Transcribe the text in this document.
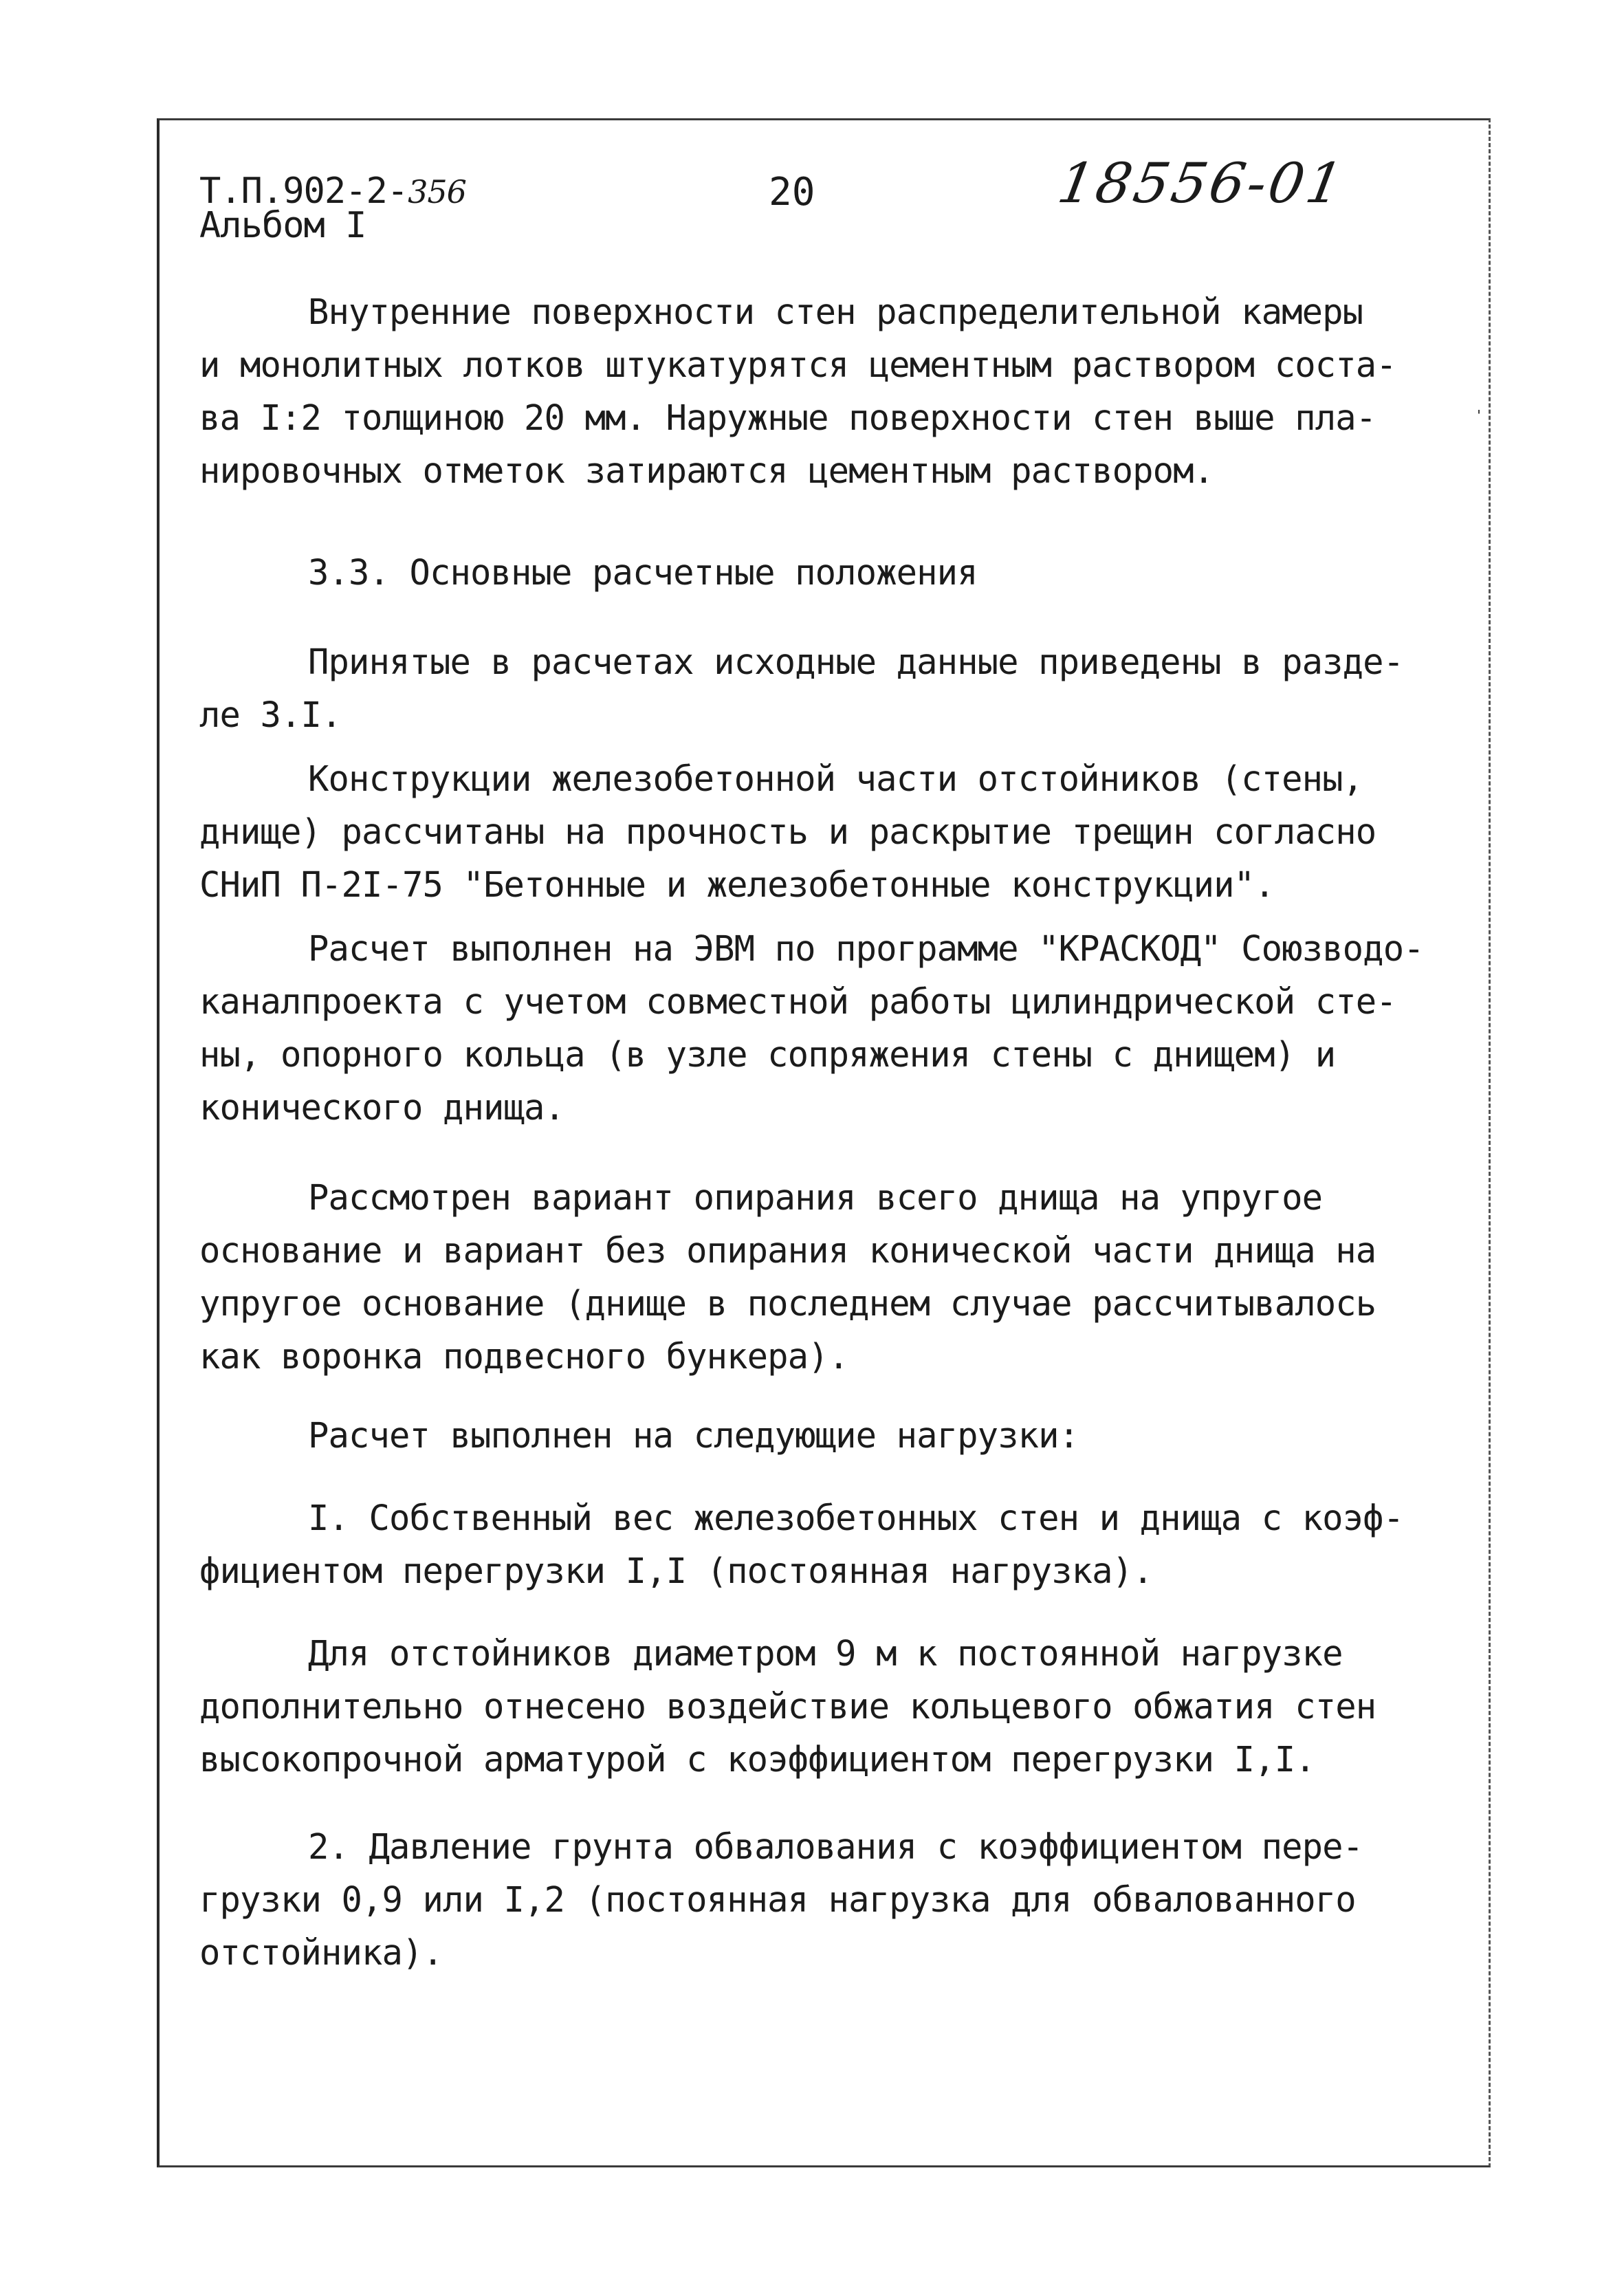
Т.П.902-2-356
Альбом I
20	18556-01
'
Внутренние поверхности стен распределительной камеры
и монолитных лотков штукатурятся цементным раствором соста-
ва I:2 толщиною 20 мм. Наружные поверхности стен выше пла-
нировочных отметок затираются цементным раствором.
3.3. Основные расчетные положения
Принятые в расчетах исходные данные приведены в разде-
ле 3.I.
Конструкции железобетонной части отстойников (стены,
днище) рассчитаны на прочность и раскрытие трещин согласно
СНиП П-2I-75 "Бетонные и железобетонные конструкции".
Расчет выполнен на ЭВМ по программе "КРАСКОД" Союзводо-
каналпроекта с учетом совместной работы цилиндрической сте-
ны, опорного кольца (в узле сопряжения стены с днищем) и
конического днища.
Рассмотрен вариант опирания всего днища на упругое
основание и вариант без опирания конической части днища на
упругое основание (днище в последнем случае рассчитывалось
как воронка подвесного бункера).
Расчет выполнен на следующие нагрузки:
I. Собственный вес железобетонных стен и днища с коэф-
фициентом перегрузки I,I (постоянная нагрузка).
Для отстойников диаметром 9 м к постоянной нагрузке
дополнительно отнесено воздействие кольцевого обжатия стен
высокопрочной арматурой с коэффициентом перегрузки I,I.
2. Давление грунта обвалования с коэффициентом пере-
грузки 0,9 или I,2 (постоянная нагрузка для обвалованного
отстойника).
